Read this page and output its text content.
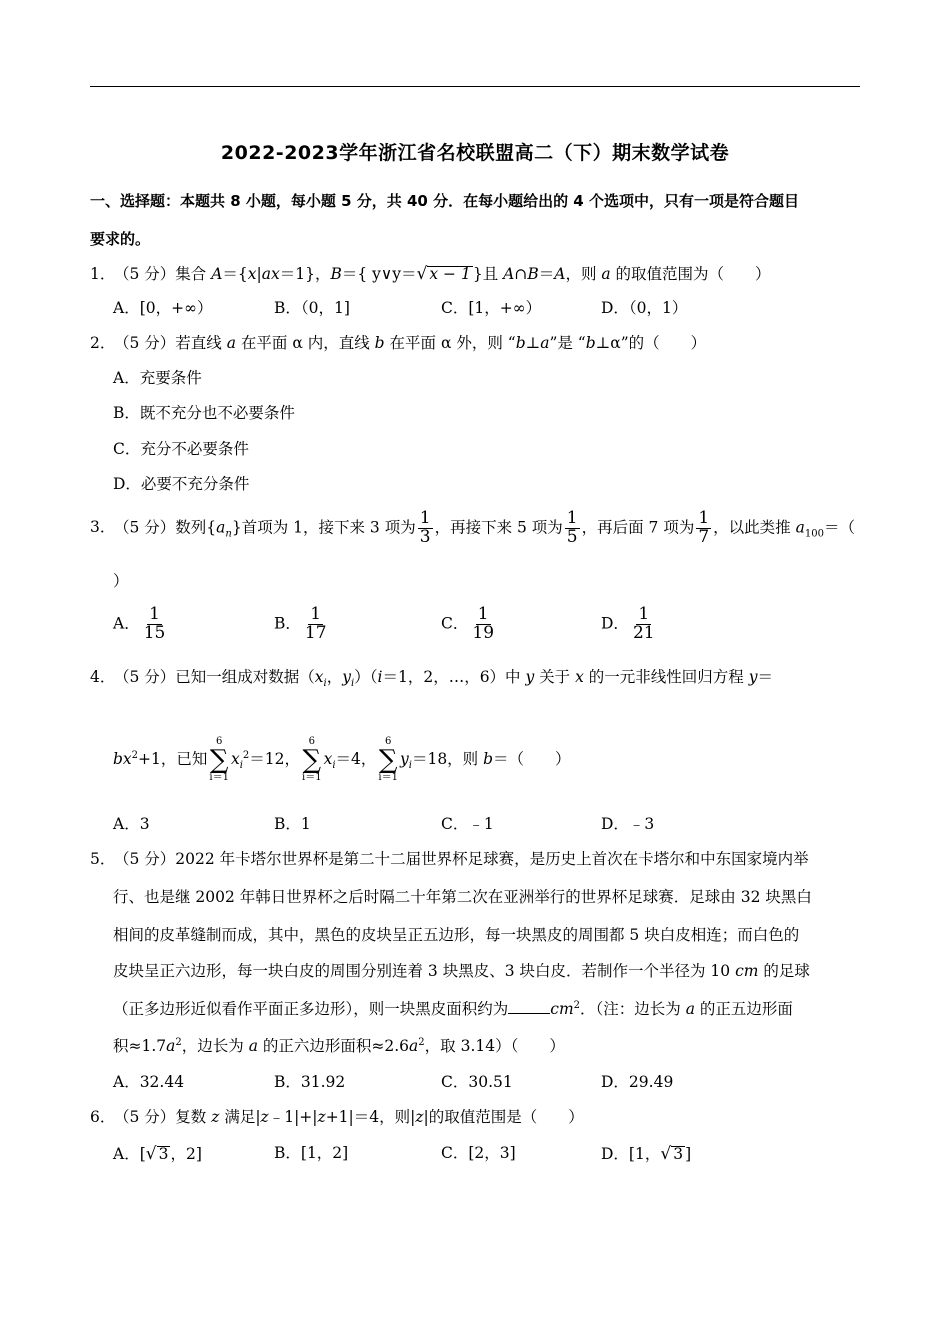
2022-2023学年浙江省名校联盟高二（下）期末数学试卷
一、选择题：本题共 8 小题，每小题 5 分，共 40 分．在每小题给出的 4 个选项中，只有一项是符合题目
要求的。
1．（5 分）集合 A＝{x|ax＝1}，B＝{ y∨y＝√ x − 1 }且 A∩B＝A，则 a 的取值范围为（　　）
A．[0，+∞）	B．（0，1]	C．[1，+∞）	D．（0，1）
2．（5 分）若直线 a 在平面 α 内，直线 b 在平面 α 外，则 “b⊥a”是 “b⊥α”的（　　）
A．充要条件
B．既不充分也不必要条件
C．充分不必要条件
D．必要不充分条件
3．（5 分）数列$\{a_n\}$首项为 1，接下来 3 项为 $\frac{1}{3}$ ，再接下来 5 项为 $\frac{1}{5}$ ，再后面 7 项为 $\frac{1}{7}$ ，以此类推 $a_{100}=$（
）
A． $\frac{1}{15}$	B． $\frac{1}{17}$	C． $\frac{1}{19}$	D． $\frac{1}{21}$
4．（5 分）已知一组成对数据（$x_i$，$y_i)(i=1$，2，…，6）中 y 关于 x 的一元非线性回归方程 y＝
$bx^2+1$，已知
6
∑
i＝1
$x_i^2=12$，
6
∑
i＝1
$x_i=4$，
6
∑
i＝1
$y_i=18$，则 b＝（　　）
A．3	B．1	C．﹣1	D．﹣3
5．（5 分）2022 年卡塔尔世界杯是第二十二届世界杯足球赛，是历史上首次在卡塔尔和中东国家境内举
行、也是继 2002 年韩日世界杯之后时隔二十年第二次在亚洲举行的世界杯足球赛．足球由 32 块黑白
相间的皮革缝制而成，其中，黑色的皮块呈正五边形，每一块黑皮的周围都 5 块白皮相连；而白色的
皮块呈正六边形，每一块白皮的周围分别连着 3 块黑皮、3 块白皮．若制作一个半径为 10 cm 的足球
（正多边形近似看作平面正多边形），则一块黑皮面积约为	$cm^2$．（注：边长为 a 的正五边形面
积$\approx 1.7a^2$，边长为 a 的正六边形面积$\approx 2.6a^2$，取 3.14）（　　）
A．32.44	B．31.92	C．30.51	D．29.49
6．（5 分）复数 z 满足|z﹣1|+|z+1|＝4，则|z|的取值范围是（　　）
A．[√ 3 ，2]	B．[1，2]	C．[2，3]	D．[1，√ 3 ]
